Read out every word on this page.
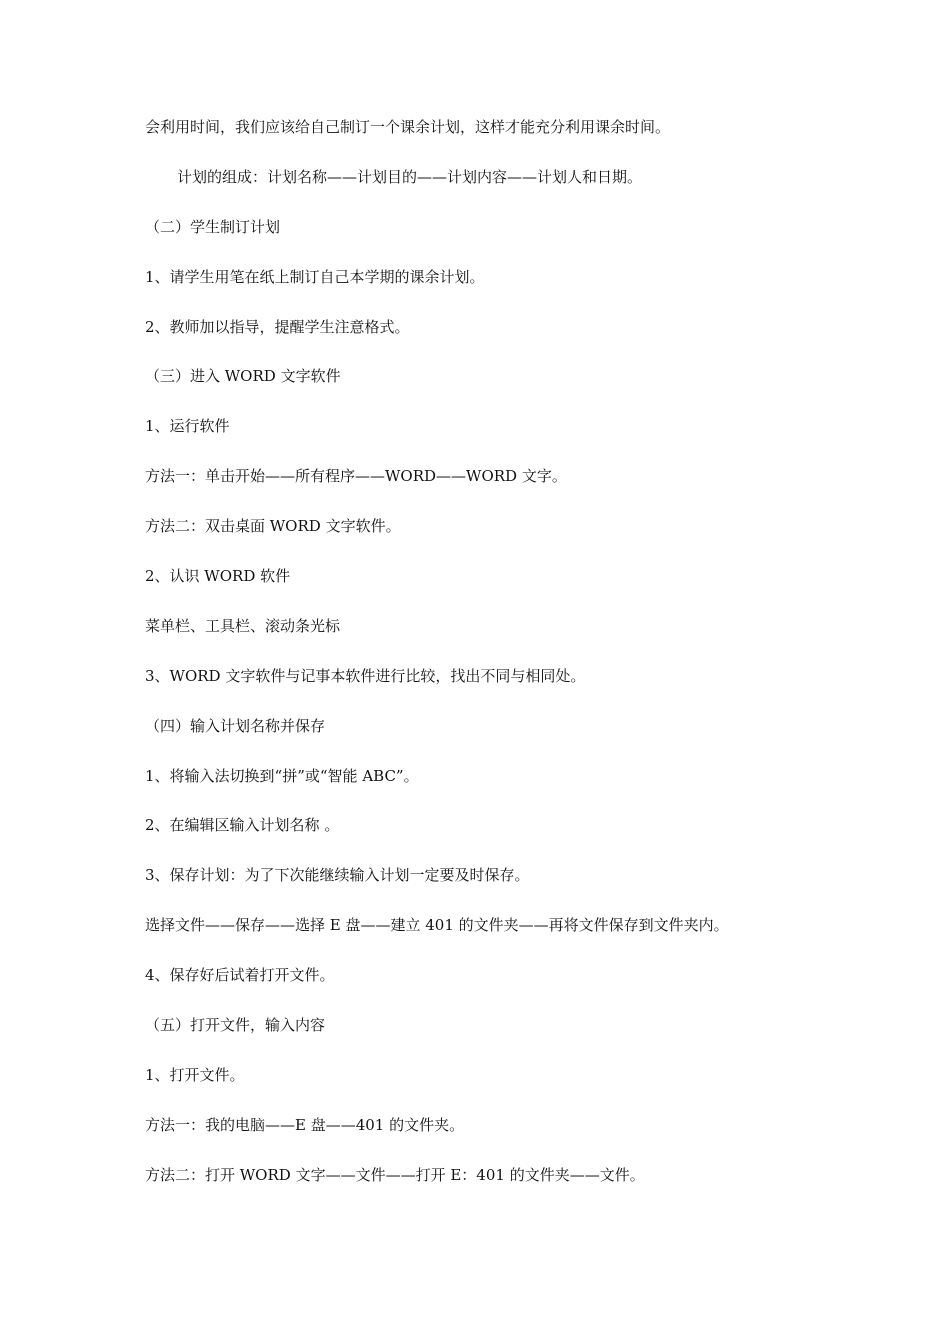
会利用时间，我们应该给自己制订一个课余计划，这样才能充分利用课余时间。

计划的组成：计划名称——计划目的——计划内容——计划人和日期。

（二）学生制订计划

1、请学生用笔在纸上制订自己本学期的课余计划。

2、教师加以指导，提醒学生注意格式。

（三）进入 WORD 文字软件

1、运行软件

方法一：单击开始——所有程序——WORD——WORD 文字。

方法二：双击桌面 WORD 文字软件。

2、认识 WORD 软件

菜单栏、工具栏、滚动条光标

3、WORD 文字软件与记事本软件进行比较，找出不同与相同处。

（四）输入计划名称并保存

1、将输入法切换到“拼”或“智能 ABC”。

2、在编辑区输入计划名称 。

3、保存计划：为了下次能继续输入计划一定要及时保存。

选择文件——保存——选择 E 盘——建立 401 的文件夹——再将文件保存到文件夹内。

4、保存好后试着打开文件。

（五）打开文件，输入内容

1、打开文件。

方法一：我的电脑——E 盘——401 的文件夹。

方法二：打开 WORD 文字——文件——打开 E：401 的文件夹——文件。
